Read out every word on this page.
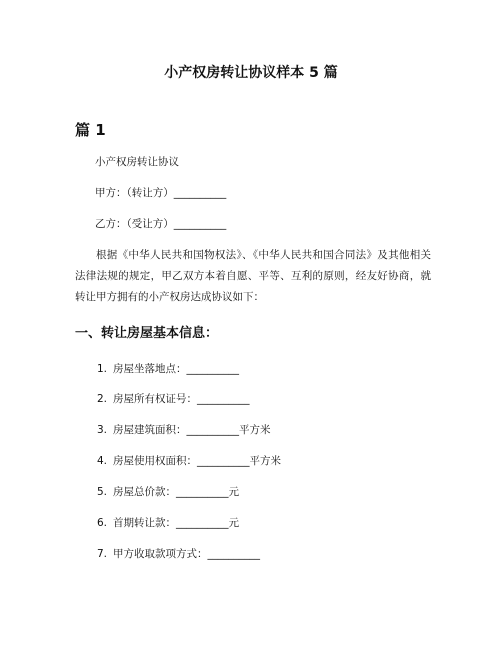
小产权房转让协议样本 5 篇
篇 1
小产权房转让协议
甲方：（转让方）__________
乙方：（受让方）__________
根据《中华人民共和国物权法》、《中华人民共和国合同法》及其他相关法律法规的规定，甲乙双方本着自愿、平等、互利的原则，经友好协商，就转让甲方拥有的小产权房达成协议如下：
一、转让房屋基本信息：
1. 房屋坐落地点：__________
2. 房屋所有权证号：__________
3. 房屋建筑面积：__________平方米
4. 房屋使用权面积：__________平方米
5. 房屋总价款：__________元
6. 首期转让款：__________元
7. 甲方收取款项方式：__________
